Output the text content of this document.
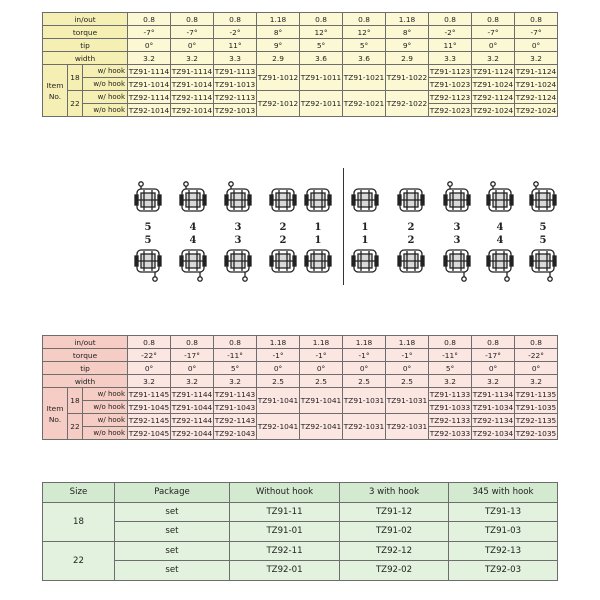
in/out			0.8	0.8	0.8	1.18	0.8	0.8	1.18	0.8	0.8	0.8
torque			-7°	-7°	-2°	8°	12°	12°	8°	-2°	-7°	-7°
tip			0°	0°	11°	9°	5°	5°	9°	11°	0°	0°
width			3.2	3.2	3.3	2.9	3.6	3.6	2.9	3.3	3.2	3.2
Item No.	18	w/ hook	TZ91-1114	TZ91-1114	TZ91-1113	TZ91-1012	TZ91-1011	TZ91-1021	TZ91-1022	TZ91-1123	TZ91-1124	TZ91-1124
		w/o hook	TZ91-1014	TZ91-1014	TZ91-1013					TZ91-1023	TZ91-1024	TZ91-1024
	22	w/ hook	TZ92-1114	TZ92-1114	TZ92-1113	TZ92-1012	TZ92-1011	TZ92-1021	TZ92-1022	TZ92-1123	TZ92-1124	TZ92-1124
		w/o hook	TZ92-1014	TZ92-1014	TZ92-1013					TZ92-1023	TZ92-1024	TZ92-1024
5
5
4
4
3
3
2
2
1
1
1
1
2
2
3
3
4
4
5
5
in/out			0.8	0.8	0.8	1.18	1.18	1.18	1.18	0.8	0.8	0.8
torque			-22°	-17°	-11°	-1°	-1°	-1°	-1°	-11°	-17°	-22°
tip			0°	0°	5°	0°	0°	0°	0°	5°	0°	0°
width			3.2	3.2	3.2	2.5	2.5	2.5	2.5	3.2	3.2	3.2
Item No.	18	w/ hook	TZ91-1145	TZ91-1144	TZ91-1143	TZ91-1041	TZ91-1041	TZ91-1031	TZ91-1031	TZ91-1133	TZ91-1134	TZ91-1135
		w/o hook	TZ91-1045	TZ91-1044	TZ91-1043					TZ91-1033	TZ91-1034	TZ91-1035
	22	w/ hook	TZ92-1145	TZ92-1144	TZ92-1143	TZ92-1041	TZ92-1041	TZ92-1031	TZ92-1031	TZ92-1133	TZ92-1134	TZ92-1135
		w/o hook	TZ92-1045	TZ92-1044	TZ92-1043					TZ92-1033	TZ92-1034	TZ92-1035
Size	Package	Without hook	3 with hook	345 with hook
18	set	TZ91-11	TZ91-12	TZ91-13
	set	TZ91-01	TZ91-02	TZ91-03
22	set	TZ92-11	TZ92-12	TZ92-13
	set	TZ92-01	TZ92-02	TZ92-03
